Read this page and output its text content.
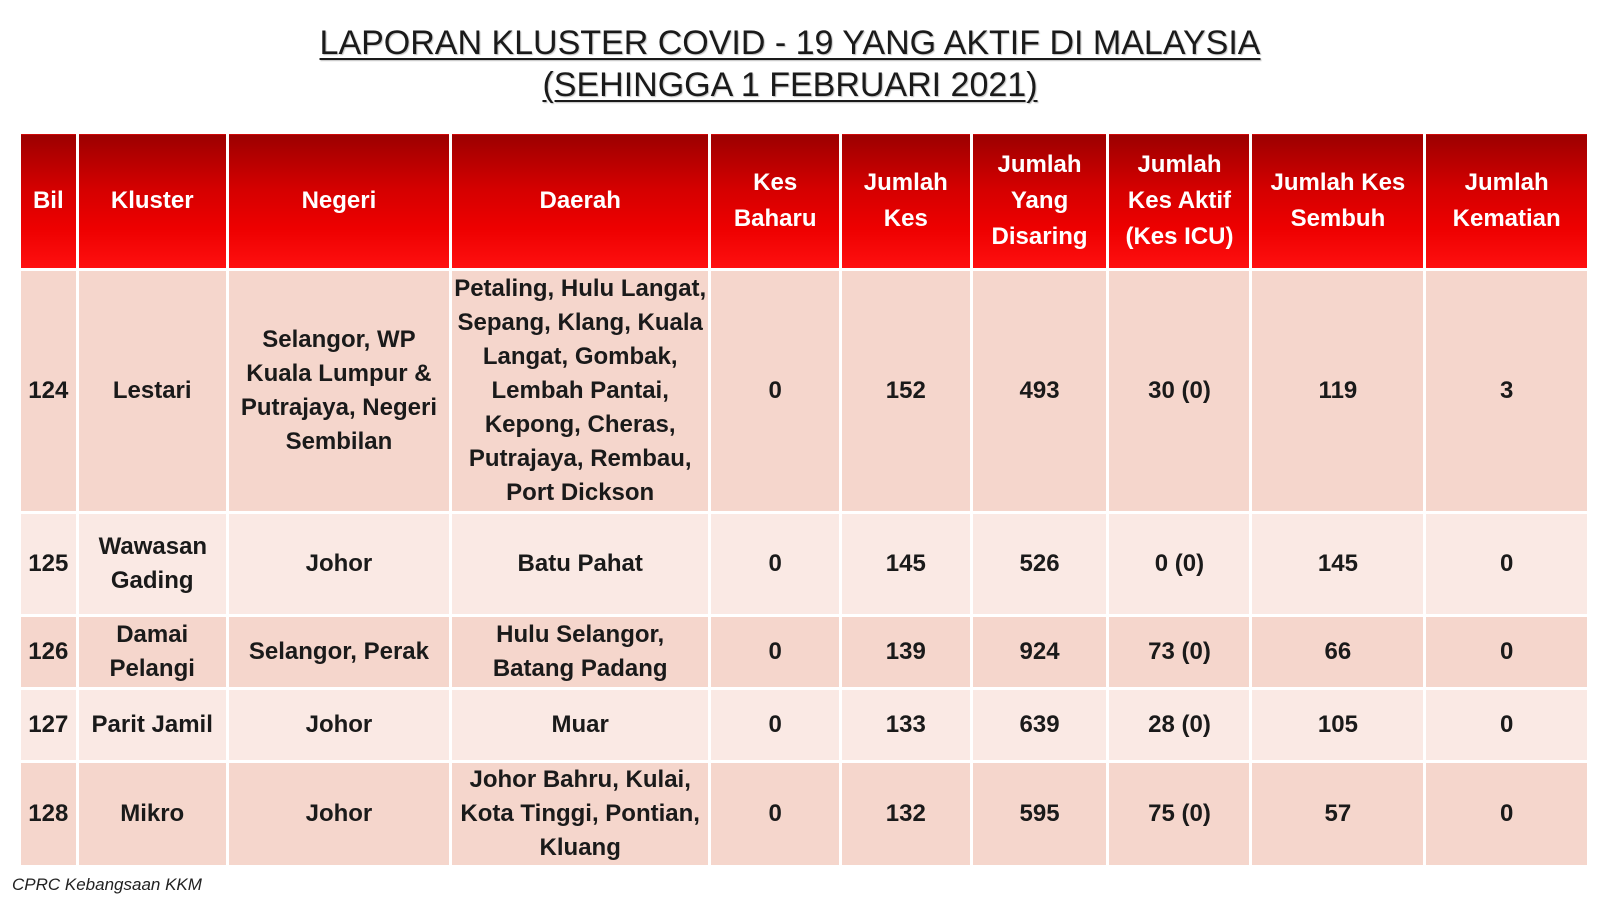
LAPORAN KLUSTER COVID - 19 YANG AKTIF DI MALAYSIA
(SEHINGGA 1 FEBRUARI 2021)
Bil	Kluster	Negeri	Daerah	Kes Baharu	Jumlah Kes	Jumlah Yang Disaring	Jumlah Kes Aktif (Kes ICU)	Jumlah Kes Sembuh	Jumlah Kematian
124	Lestari	Selangor, WP Kuala Lumpur & Putrajaya, Negeri Sembilan	Petaling, Hulu Langat, Sepang, Klang, Kuala Langat, Gombak, Lembah Pantai, Kepong, Cheras, Putrajaya, Rembau, Port Dickson	0	152	493	30 (0)	119	3
125	Wawasan Gading	Johor	Batu Pahat	0	145	526	0 (0)	145	0
126	Damai Pelangi	Selangor, Perak	Hulu Selangor, Batang Padang	0	139	924	73 (0)	66	0
127	Parit Jamil	Johor	Muar	0	133	639	28 (0)	105	0
128	Mikro	Johor	Johor Bahru, Kulai, Kota Tinggi, Pontian, Kluang	0	132	595	75 (0)	57	0
CPRC Kebangsaan KKM
